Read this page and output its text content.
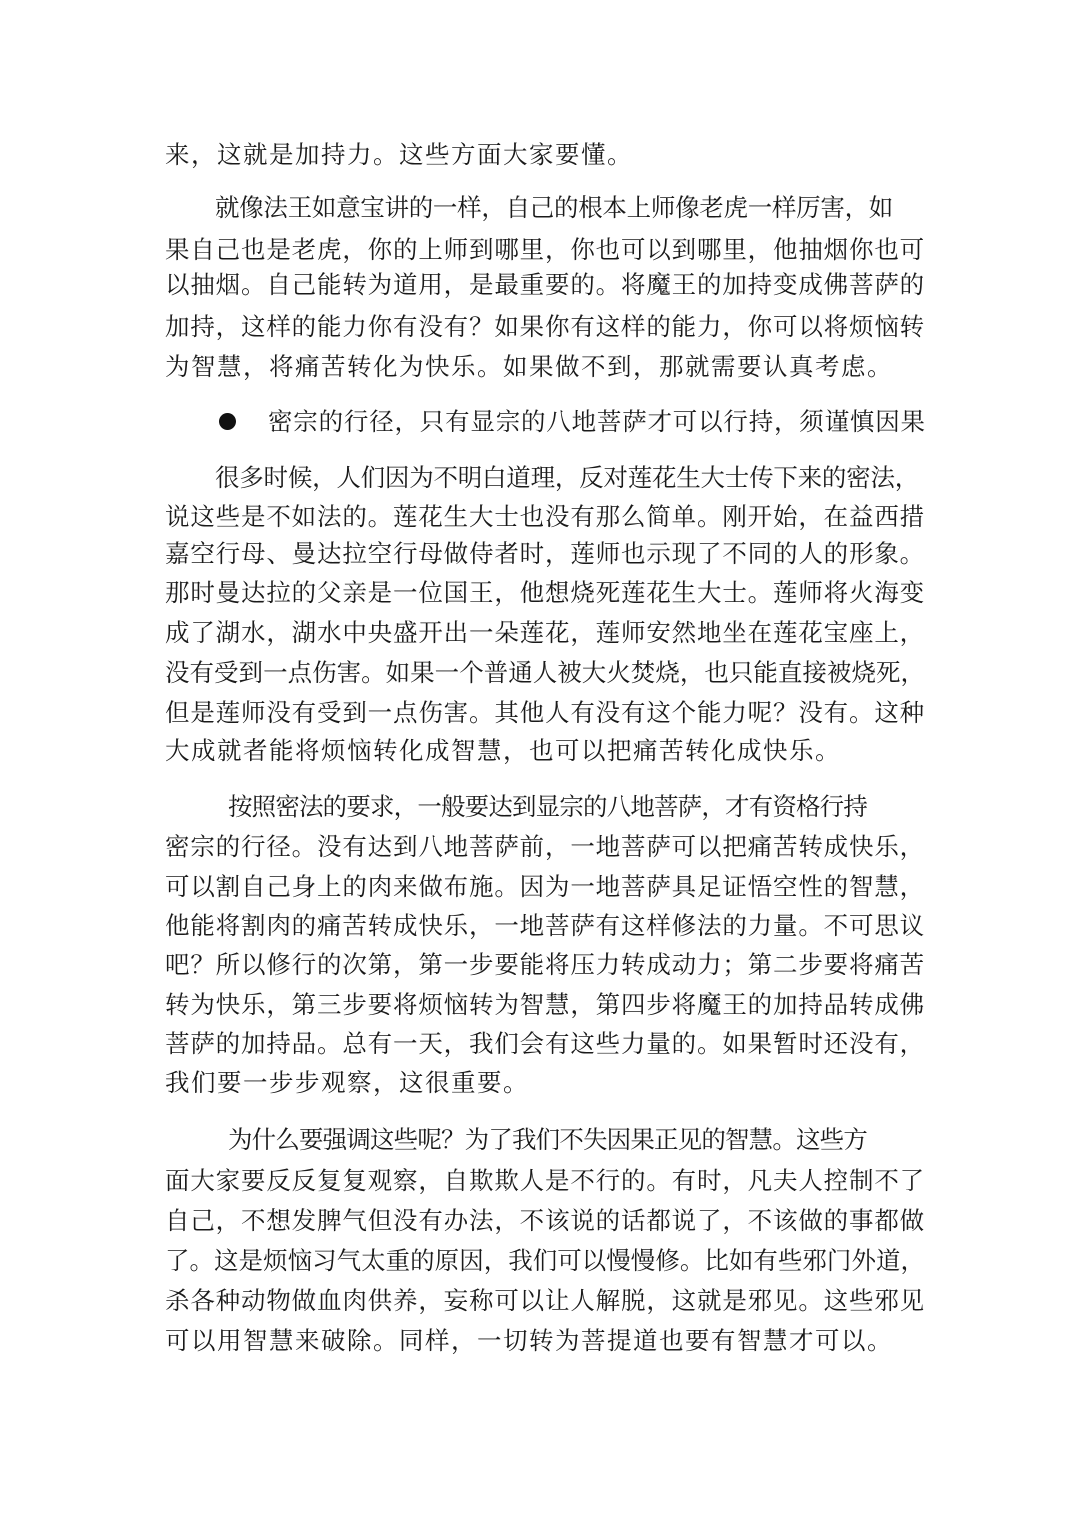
来，这就是加持力。这些方面大家要懂。
就像法王如意宝讲的一样，自己的根本上师像老虎一样厉害，如
果自己也是老虎，你的上师到哪里，你也可以到哪里，他抽烟你也可
以抽烟。自己能转为道用，是最重要的。将魔王的加持变成佛菩萨的
加持，这样的能力你有没有？如果你有这样的能力，你可以将烦恼转
为智慧，将痛苦转化为快乐。如果做不到，那就需要认真考虑。
密宗的行径，只有显宗的八地菩萨才可以行持，须谨慎因果
很多时候，人们因为不明白道理，反对莲花生大士传下来的密法，
说这些是不如法的。莲花生大士也没有那么简单。刚开始，在益西措
嘉空行母、曼达拉空行母做侍者时，莲师也示现了不同的人的形象。
那时曼达拉的父亲是一位国王，他想烧死莲花生大士。莲师将火海变
成了湖水，湖水中央盛开出一朵莲花，莲师安然地坐在莲花宝座上，
没有受到一点伤害。如果一个普通人被大火焚烧，也只能直接被烧死，
但是莲师没有受到一点伤害。其他人有没有这个能力呢？没有。这种
大成就者能将烦恼转化成智慧，也可以把痛苦转化成快乐。
按照密法的要求，一般要达到显宗的八地菩萨，才有资格行持
密宗的行径。没有达到八地菩萨前，一地菩萨可以把痛苦转成快乐，
可以割自己身上的肉来做布施。因为一地菩萨具足证悟空性的智慧，
他能将割肉的痛苦转成快乐，一地菩萨有这样修法的力量。不可思议
吧？所以修行的次第，第一步要能将压力转成动力；第二步要将痛苦
转为快乐，第三步要将烦恼转为智慧，第四步将魔王的加持品转成佛
菩萨的加持品。总有一天，我们会有这些力量的。如果暂时还没有，
我们要一步步观察，这很重要。
为什么要强调这些呢？为了我们不失因果正见的智慧。这些方
面大家要反反复复观察，自欺欺人是不行的。有时，凡夫人控制不了
自己，不想发脾气但没有办法，不该说的话都说了，不该做的事都做
了。这是烦恼习气太重的原因，我们可以慢慢修。比如有些邪门外道，
杀各种动物做血肉供养，妄称可以让人解脱，这就是邪见。这些邪见
可以用智慧来破除。同样，一切转为菩提道也要有智慧才可以。
